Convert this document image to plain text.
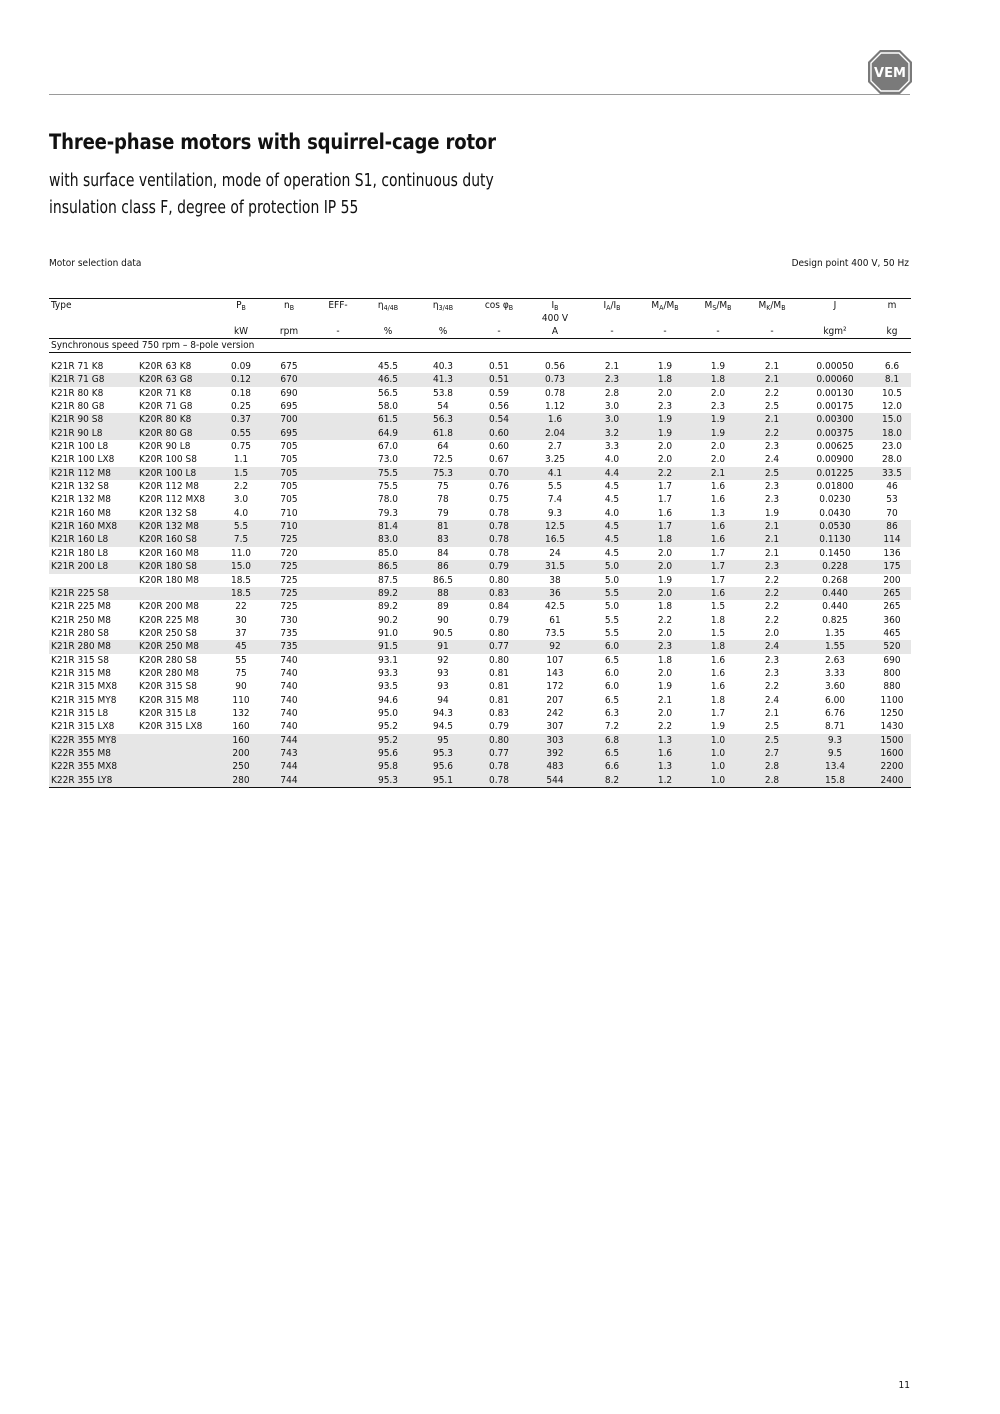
VEM
Three-phase motors with squirrel-cage rotor
with surface ventilation, mode of operation S1, continuous duty
insulation class F, degree of protection IP 55
Motor selection data	Design point 400 V, 50 Hz
Type		$P_B$	$n_B$	EFF-	$\eta_{4/4B}$	$\eta_{3/4B}$	$\cos \varphi_B$	$I_B$	$I_A/I_B$	$M_A/M_B$	$M_S/M_B$	$M_K/M_B$	J	m
								400 V						
		kW	rpm	-	%	%	-	A	-	-	-	-	kgm²	kg
Synchronous speed 750 rpm – 8-pole version														

K21R 71 K8	K20R 63 K8	0.09	675		45.5	40.3	0.51	0.56	2.1	1.9	1.9	2.1	0.00050	6.6
K21R 71 G8	K20R 63 G8	0.12	670		46.5	41.3	0.51	0.73	2.3	1.8	1.8	2.1	0.00060	8.1
K21R 80 K8	K20R 71 K8	0.18	690		56.5	53.8	0.59	0.78	2.8	2.0	2.0	2.2	0.00130	10.5
K21R 80 G8	K20R 71 G8	0.25	695		58.0	54	0.56	1.12	3.0	2.3	2.3	2.5	0.00175	12.0
K21R 90 S8	K20R 80 K8	0.37	700		61.5	56.3	0.54	1.6	3.0	1.9	1.9	2.1	0.00300	15.0
K21R 90 L8	K20R 80 G8	0.55	695		64.9	61.8	0.60	2.04	3.2	1.9	1.9	2.2	0.00375	18.0
K21R 100 L8	K20R 90 L8	0.75	705		67.0	64	0.60	2.7	3.3	2.0	2.0	2.3	0.00625	23.0
K21R 100 LX8	K20R 100 S8	1.1	705		73.0	72.5	0.67	3.25	4.0	2.0	2.0	2.4	0.00900	28.0
K21R 112 M8	K20R 100 L8	1.5	705		75.5	75.3	0.70	4.1	4.4	2.2	2.1	2.5	0.01225	33.5
K21R 132 S8	K20R 112 M8	2.2	705		75.5	75	0.76	5.5	4.5	1.7	1.6	2.3	0.01800	46
K21R 132 M8	K20R 112 MX8	3.0	705		78.0	78	0.75	7.4	4.5	1.7	1.6	2.3	0.0230	53
K21R 160 M8	K20R 132 S8	4.0	710		79.3	79	0.78	9.3	4.0	1.6	1.3	1.9	0.0430	70
K21R 160 MX8	K20R 132 M8	5.5	710		81.4	81	0.78	12.5	4.5	1.7	1.6	2.1	0.0530	86
K21R 160 L8	K20R 160 S8	7.5	725		83.0	83	0.78	16.5	4.5	1.8	1.6	2.1	0.1130	114
K21R 180 L8	K20R 160 M8	11.0	720		85.0	84	0.78	24	4.5	2.0	1.7	2.1	0.1450	136
K21R 200 L8	K20R 180 S8	15.0	725		86.5	86	0.79	31.5	5.0	2.0	1.7	2.3	0.228	175
	K20R 180 M8	18.5	725		87.5	86.5	0.80	38	5.0	1.9	1.7	2.2	0.268	200
K21R 225 S8		18.5	725		89.2	88	0.83	36	5.5	2.0	1.6	2.2	0.440	265
K21R 225 M8	K20R 200 M8	22	725		89.2	89	0.84	42.5	5.0	1.8	1.5	2.2	0.440	265
K21R 250 M8	K20R 225 M8	30	730		90.2	90	0.79	61	5.5	2.2	1.8	2.2	0.825	360
K21R 280 S8	K20R 250 S8	37	735		91.0	90.5	0.80	73.5	5.5	2.0	1.5	2.0	1.35	465
K21R 280 M8	K20R 250 M8	45	735		91.5	91	0.77	92	6.0	2.3	1.8	2.4	1.55	520
K21R 315 S8	K20R 280 S8	55	740		93.1	92	0.80	107	6.5	1.8	1.6	2.3	2.63	690
K21R 315 M8	K20R 280 M8	75	740		93.3	93	0.81	143	6.0	2.0	1.6	2.3	3.33	800
K21R 315 MX8	K20R 315 S8	90	740		93.5	93	0.81	172	6.0	1.9	1.6	2.2	3.60	880
K21R 315 MY8	K20R 315 M8	110	740		94.6	94	0.81	207	6.5	2.1	1.8	2.4	6.00	1100
K21R 315 L8	K20R 315 L8	132	740		95.0	94.3	0.83	242	6.3	2.0	1.7	2.1	6.76	1250
K21R 315 LX8	K20R 315 LX8	160	740		95.2	94.5	0.79	307	7.2	2.2	1.9	2.5	8.71	1430
K22R 355 MY8		160	744		95.2	95	0.80	303	6.8	1.3	1.0	2.5	9.3	1500
K22R 355 M8		200	743		95.6	95.3	0.77	392	6.5	1.6	1.0	2.7	9.5	1600
K22R 355 MX8		250	744		95.8	95.6	0.78	483	6.6	1.3	1.0	2.8	13.4	2200
K22R 355 LY8		280	744		95.3	95.1	0.78	544	8.2	1.2	1.0	2.8	15.8	2400
11
